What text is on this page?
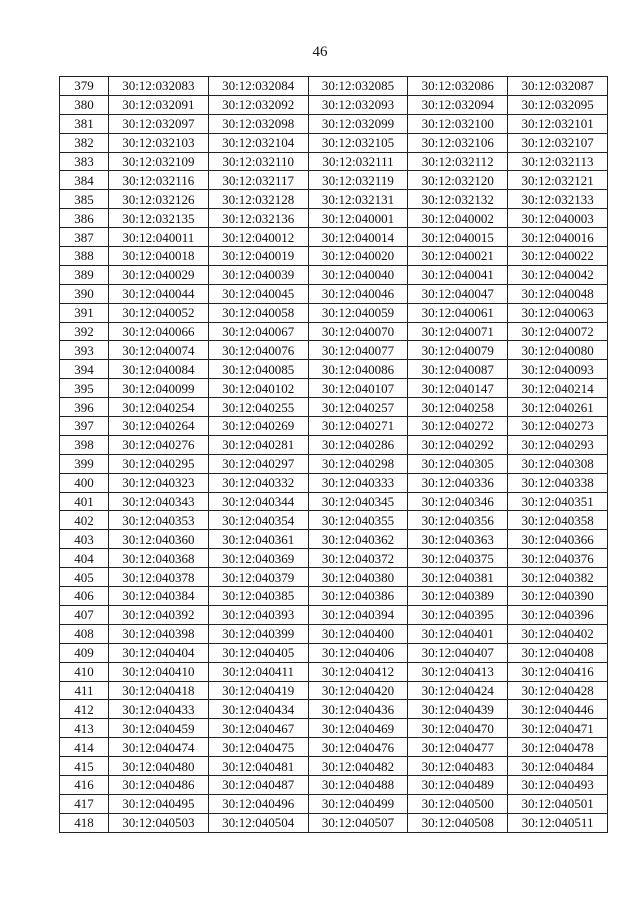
46
379	30:12:032083	30:12:032084	30:12:032085	30:12:032086	30:12:032087
380	30:12:032091	30:12:032092	30:12:032093	30:12:032094	30:12:032095
381	30:12:032097	30:12:032098	30:12:032099	30:12:032100	30:12:032101
382	30:12:032103	30:12:032104	30:12:032105	30:12:032106	30:12:032107
383	30:12:032109	30:12:032110	30:12:032111	30:12:032112	30:12:032113
384	30:12:032116	30:12:032117	30:12:032119	30:12:032120	30:12:032121
385	30:12:032126	30:12:032128	30:12:032131	30:12:032132	30:12:032133
386	30:12:032135	30:12:032136	30:12:040001	30:12:040002	30:12:040003
387	30:12:040011	30:12:040012	30:12:040014	30:12:040015	30:12:040016
388	30:12:040018	30:12:040019	30:12:040020	30:12:040021	30:12:040022
389	30:12:040029	30:12:040039	30:12:040040	30:12:040041	30:12:040042
390	30:12:040044	30:12:040045	30:12:040046	30:12:040047	30:12:040048
391	30:12:040052	30:12:040058	30:12:040059	30:12:040061	30:12:040063
392	30:12:040066	30:12:040067	30:12:040070	30:12:040071	30:12:040072
393	30:12:040074	30:12:040076	30:12:040077	30:12:040079	30:12:040080
394	30:12:040084	30:12:040085	30:12:040086	30:12:040087	30:12:040093
395	30:12:040099	30:12:040102	30:12:040107	30:12:040147	30:12:040214
396	30:12:040254	30:12:040255	30:12:040257	30:12:040258	30:12:040261
397	30:12:040264	30:12:040269	30:12:040271	30:12:040272	30:12:040273
398	30:12:040276	30:12:040281	30:12:040286	30:12:040292	30:12:040293
399	30:12:040295	30:12:040297	30:12:040298	30:12:040305	30:12:040308
400	30:12:040323	30:12:040332	30:12:040333	30:12:040336	30:12:040338
401	30:12:040343	30:12:040344	30:12:040345	30:12:040346	30:12:040351
402	30:12:040353	30:12:040354	30:12:040355	30:12:040356	30:12:040358
403	30:12:040360	30:12:040361	30:12:040362	30:12:040363	30:12:040366
404	30:12:040368	30:12:040369	30:12:040372	30:12:040375	30:12:040376
405	30:12:040378	30:12:040379	30:12:040380	30:12:040381	30:12:040382
406	30:12:040384	30:12:040385	30:12:040386	30:12:040389	30:12:040390
407	30:12:040392	30:12:040393	30:12:040394	30:12:040395	30:12:040396
408	30:12:040398	30:12:040399	30:12:040400	30:12:040401	30:12:040402
409	30:12:040404	30:12:040405	30:12:040406	30:12:040407	30:12:040408
410	30:12:040410	30:12:040411	30:12:040412	30:12:040413	30:12:040416
411	30:12:040418	30:12:040419	30:12:040420	30:12:040424	30:12:040428
412	30:12:040433	30:12:040434	30:12:040436	30:12:040439	30:12:040446
413	30:12:040459	30:12:040467	30:12:040469	30:12:040470	30:12:040471
414	30:12:040474	30:12:040475	30:12:040476	30:12:040477	30:12:040478
415	30:12:040480	30:12:040481	30:12:040482	30:12:040483	30:12:040484
416	30:12:040486	30:12:040487	30:12:040488	30:12:040489	30:12:040493
417	30:12:040495	30:12:040496	30:12:040499	30:12:040500	30:12:040501
418	30:12:040503	30:12:040504	30:12:040507	30:12:040508	30:12:040511
